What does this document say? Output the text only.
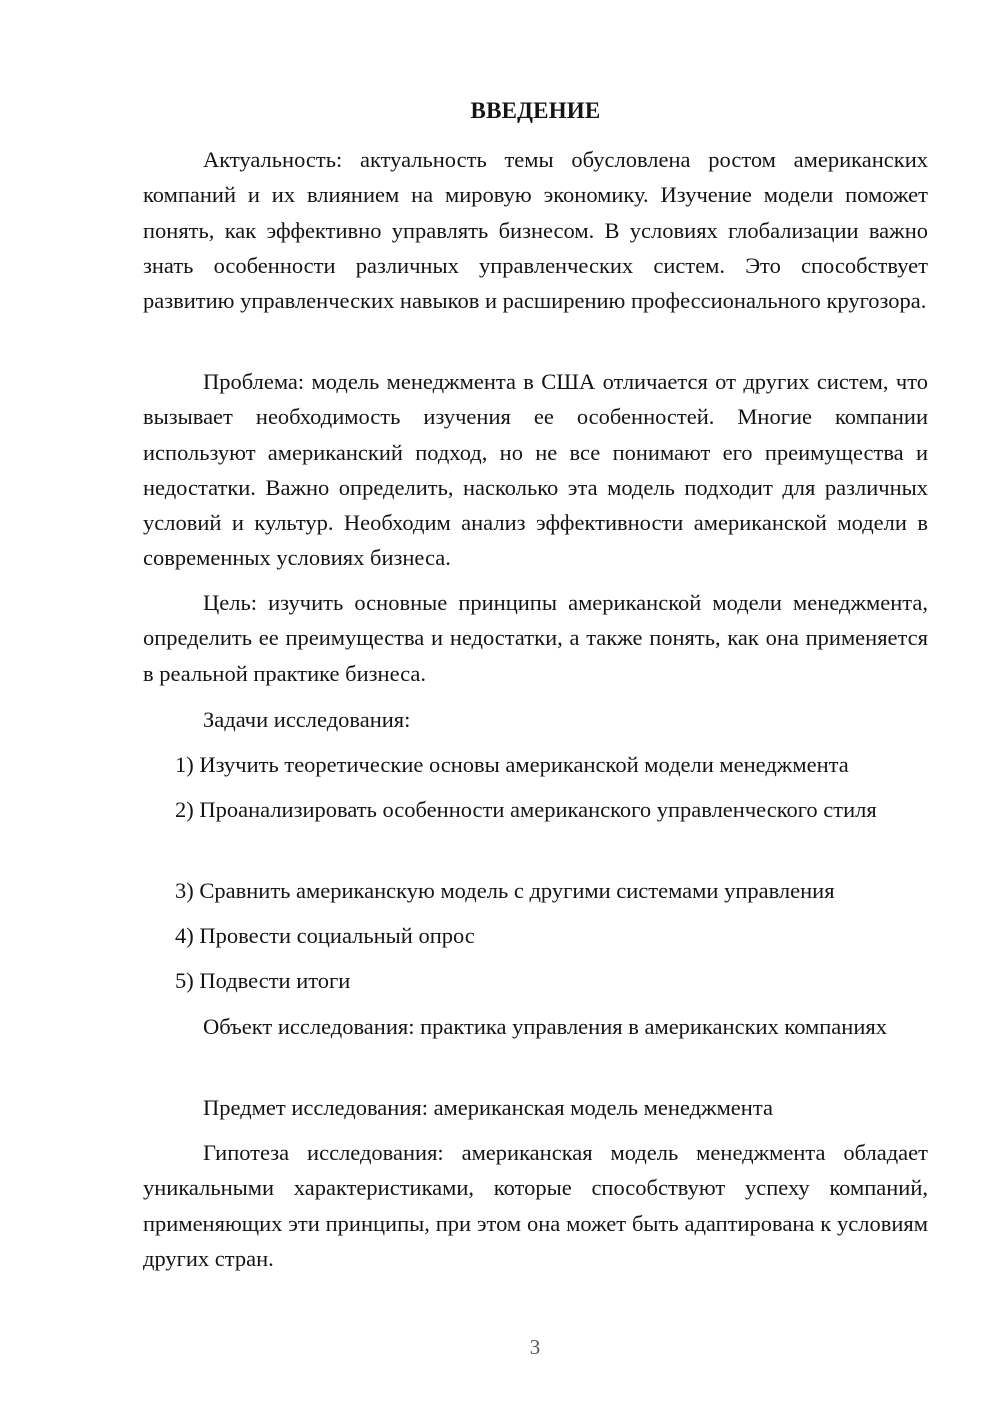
ВВЕДЕНИЕ

Актуальность: актуальность темы обусловлена ростом американских компаний и их влиянием на мировую экономику. Изучение модели поможет понять, как эффективно управлять бизнесом. В условиях глобализации важно знать особенности различных управленческих систем. Это способствует развитию управленческих навыков и расширению профессионального кругозора.

Проблема: модель менеджмента в США отличается от других систем, что вызывает необходимость изучения ее особенностей. Многие компании используют американский подход, но не все понимают его преимущества и недостатки. Важно определить, насколько эта модель подходит для различных условий и культур. Необходим анализ эффективности американской модели в современных условиях бизнеса.

Цель: изучить основные принципы американской модели менеджмента, определить ее преимущества и недостатки, а также понять, как она применяется в реальной практике бизнеса.

Задачи исследования:

1) Изучить теоретические основы американской модели менеджмента

2) Проанализировать особенности американского управленческого стиля

3) Сравнить американскую модель с другими системами управления

4) Провести социальный опрос

5) Подвести итоги

Объект исследования: практика управления в американских компаниях

Предмет исследования: американская модель менеджмента

Гипотеза исследования: американская модель менеджмента обладает уникальными характеристиками, которые способствуют успеху компаний, применяющих эти принципы, при этом она может быть адаптирована к условиям других стран.

3
